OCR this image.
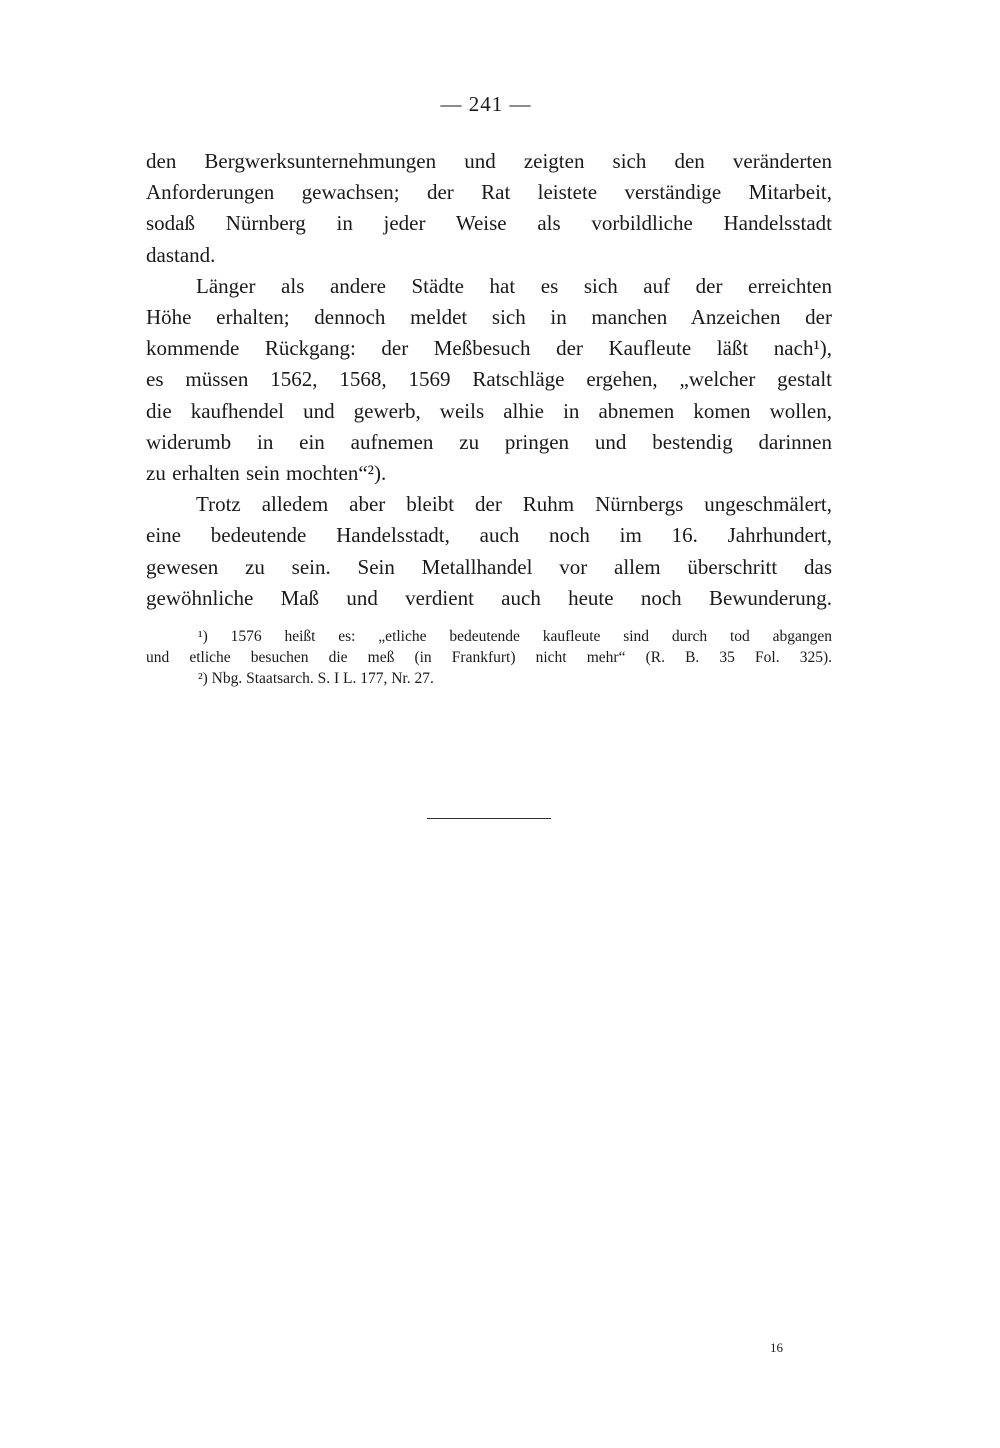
— 241 —

den Bergwerksunternehmungen und zeigten sich den veränderten
Anforderungen gewachsen; der Rat leistete verständige Mitarbeit,
sodaß Nürnberg in jeder Weise als vorbildliche Handelsstadt
dastand.

Länger als andere Städte hat es sich auf der erreichten
Höhe erhalten; dennoch meldet sich in manchen Anzeichen der
kommende Rückgang: der Meßbesuch der Kaufleute läßt nach¹),
es müssen 1562, 1568, 1569 Ratschläge ergehen, „welcher gestalt
die kaufhendel und gewerb, weils alhie in abnemen komen wollen,
widerumb in ein aufnemen zu pringen und bestendig darinnen
zu erhalten sein mochten“²).

Trotz alledem aber bleibt der Ruhm Nürnbergs ungeschmälert,
eine bedeutende Handelsstadt, auch noch im 16. Jahrhundert,
gewesen zu sein. Sein Metallhandel vor allem überschritt das
gewöhnliche Maß und verdient auch heute noch Bewunderung.

¹) 1576 heißt es: „etliche bedeutende kaufleute sind durch tod abgangen
und etliche besuchen die meß (in Frankfurt) nicht mehr“ (R. B. 35 Fol. 325).
²) Nbg. Staatsarch. S. I L. 177, Nr. 27.
16
